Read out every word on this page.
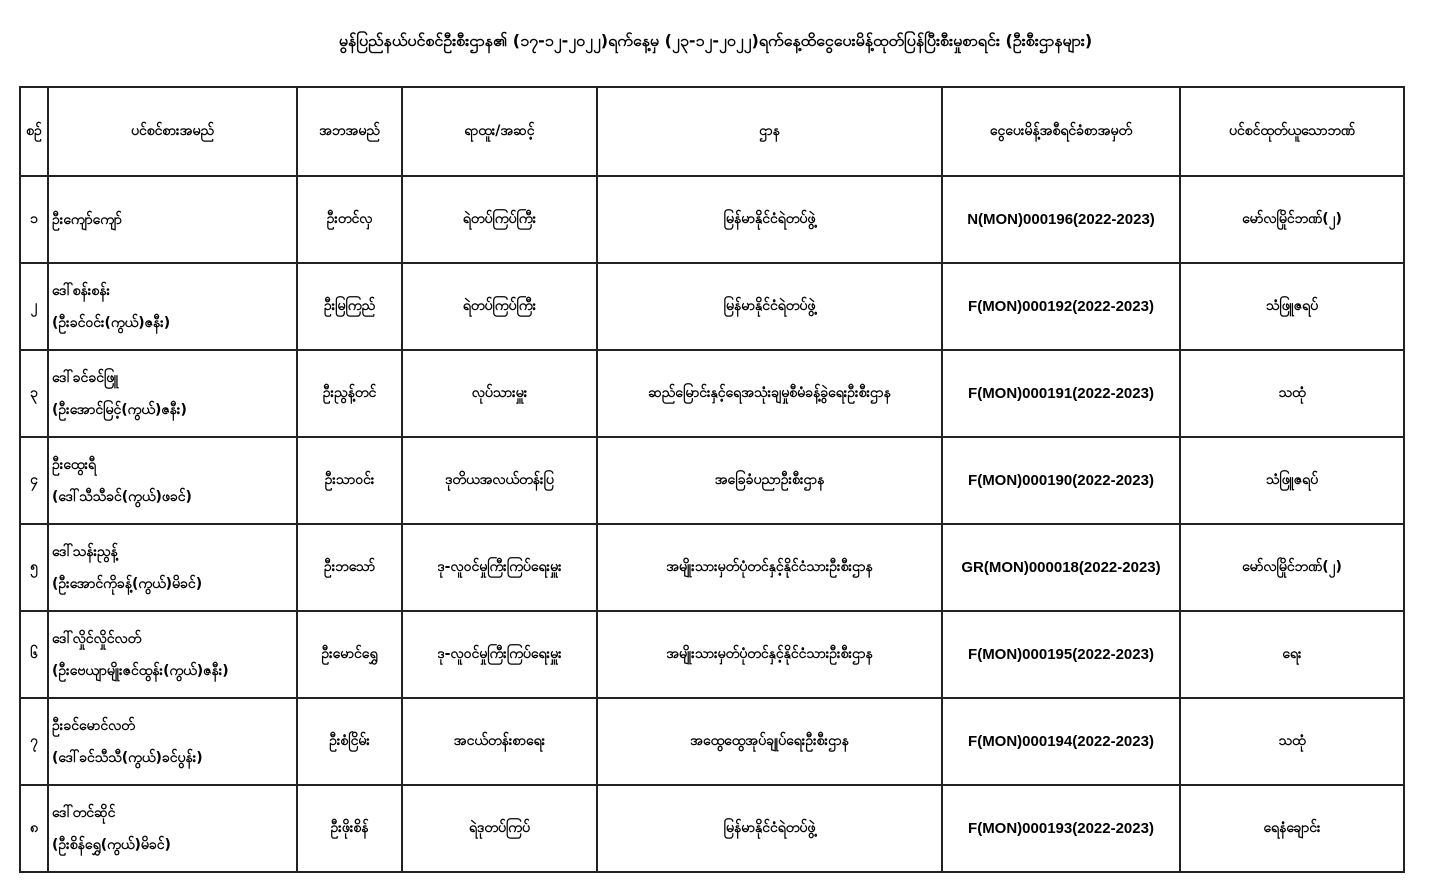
မွန်ပြည်နယ်ပင်စင်ဦးစီးဌာန၏ (၁၇-၁၂-၂၀၂၂)ရက်နေ့မှ (၂၃-၁၂-၂၀၂၂)ရက်နေ့ထိငွေပေးမိန့်ထုတ်ပြန်ပြီးစီးမှုစာရင်း (ဦးစီးဌာနများ)
စဉ်	ပင်စင်စားအမည်	အဘအမည်	ရာထူး/အဆင့်	ဌာန	ငွေပေးမိန့်အစီရင်ခံစာအမှတ်	ပင်စင်ထုတ်ယူသောဘဏ်
၁	ဦးကျော်ကျော်	ဦးတင်လှ	ရဲတပ်ကြပ်ကြီး	မြန်မာနိုင်ငံရဲတပ်ဖွဲ့	N(MON)000196(2022-2023)	မော်လမြိုင်ဘဏ်(၂)
၂	ဒေါ်စန်းစန်း
(ဦးခင်ဝင်း(ကွယ်)ဇနီး)	ဦးမြကြည်	ရဲတပ်ကြပ်ကြီး	မြန်မာနိုင်ငံရဲတပ်ဖွဲ့	F(MON)000192(2022-2023)	သံဖြူဇရပ်
၃	ဒေါ်ခင်ခင်ဖြူ
(ဦးအောင်မြင့်(ကွယ်)ဇနီး)	ဦးညွန့်တင်	လုပ်သားမှူး	ဆည်မြောင်းနှင့်ရေအသုံးချမှုစီမံခန့်ခွဲရေးဦးစီးဌာန	F(MON)000191(2022-2023)	သထုံ
၄	ဦးထွေးရီ
(ဒေါ်သီသီခင်(ကွယ်)ဖခင်)	ဦးသာဝင်း	ဒုတိယအလယ်တန်းပြ	အခြေခံပညာဦးစီးဌာန	F(MON)000190(2022-2023)	သံဖြူဇရပ်
၅	ဒေါ်သန်းညွန့်
(ဦးအောင်ကိုခန့်(ကွယ်)မိခင်)	ဦးဘသော်	ဒု-လူဝင်မှုကြီးကြပ်ရေးမှူး	အမျိုးသားမှတ်ပုံတင်နှင့်နိုင်ငံသားဦးစီးဌာန	GR(MON)000018(2022-2023)	မော်လမြိုင်ဘဏ်(၂)
၆	ဒေါ်လှိုင်လှိုင်လတ်
(ဦးဗေယျာမျိုးဇင်ထွန်း(ကွယ်)ဇနီး)	ဦးမောင်ရွှေ	ဒု-လူဝင်မှုကြီးကြပ်ရေးမှူး	အမျိုးသားမှတ်ပုံတင်နှင့်နိုင်ငံသားဦးစီးဌာန	F(MON)000195(2022-2023)	ရေး
၇	ဦးခင်မောင်လတ်
(ဒေါ်ခင်သီသီ(ကွယ်)ခင်ပွန်း)	ဦးစံငြိမ်း	အငယ်တန်းစာရေး	အထွေထွေအုပ်ချုပ်ရေးဦးစီးဌာန	F(MON)000194(2022-2023)	သထုံ
၈	ဒေါ်တင်ဆိုင်
(ဦးစိန်ရွှေ(ကွယ်)မိခင်)	ဦးဖိုးစိန်	ရဲဒုတပ်ကြပ်	မြန်မာနိုင်ငံရဲတပ်ဖွဲ့	F(MON)000193(2022-2023)	ရေနံချောင်း
